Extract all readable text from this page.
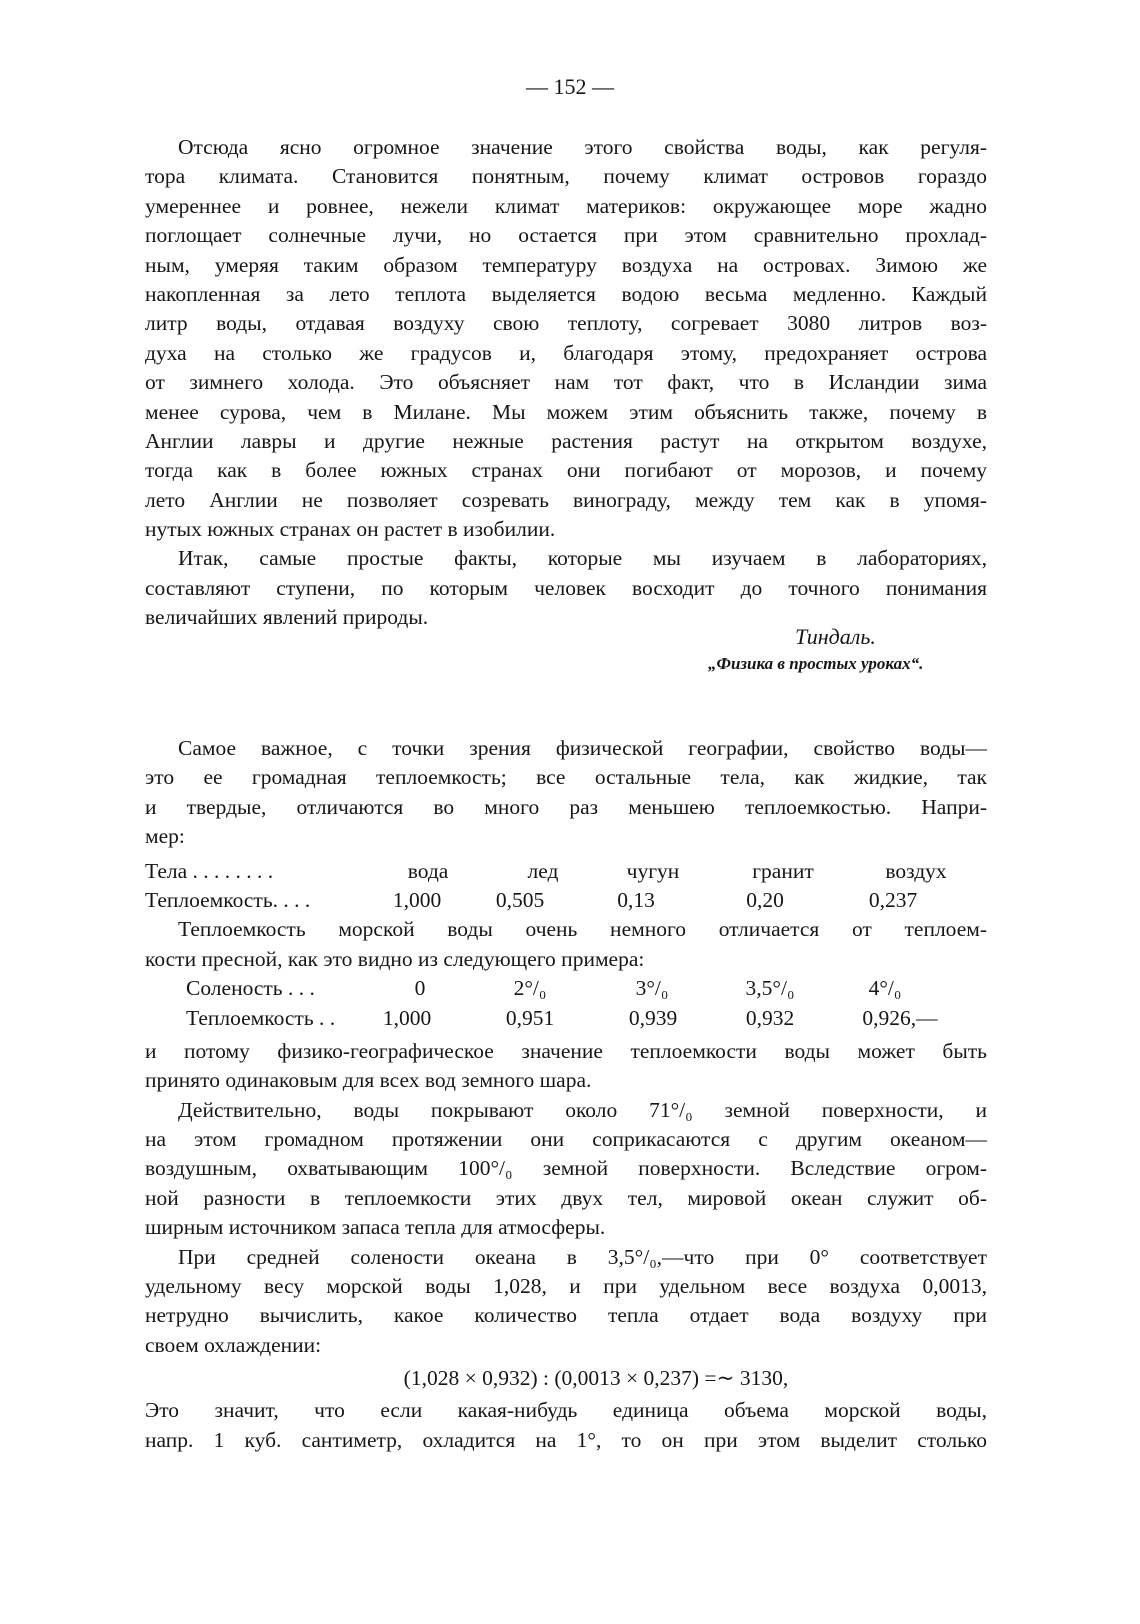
— 152 —
Отсюда ясно огромное значение этого свойства воды, как регуля-
тора климата. Становится понятным, почему климат островов гораздо
умереннее и ровнее, нежели климат материков: окружающее море жадно
поглощает солнечные лучи, но остается при этом сравнительно прохлад-
ным, умеряя таким образом температуру воздуха на островах. Зимою же
накопленная за лето теплота выделяется водою весьма медленно. Каждый
литр воды, отдавая воздуху свою теплоту, согревает 3080 литров воз-
духа на столько же градусов и, благодаря этому, предохраняет острова
от зимнего холода. Это объясняет нам тот факт, что в Исландии зима
менее сурова, чем в Милане. Мы можем этим объяснить также, почему в
Англии лавры и другие нежные растения растут на открытом воздухе,
тогда как в более южных странах они погибают от морозов, и почему
лето Англии не позволяет созревать винограду, между тем как в упомя-
нутых южных странах он растет в изобилии.
Итак, самые простые факты, которые мы изучаем в лабораториях,
составляют ступени, по которым человек восходит до точного понимания
величайших явлений природы.
Тиндаль.
„Физика в простых уроках“.
Самое важное, с точки зрения физической географии, свойство воды—
это ее громадная теплоемкость; все остальные тела, как жидкие, так
и твердые, отличаются во много раз меньшею теплоемкостью. Напри-
мер:
Тела . . . . . . . .	вода	лед	чугун	гранит	воздух
Теплоемкость. . . .	1,000	0,505	0,13	0,20	0,237
Теплоемкость морской воды очень немного отличается от теплоем-
кости пресной, как это видно из следующего примера:
Соленость . . .	0	2°/₀	3°/₀	3,5°/₀	4°/₀
Теплоемкость . . 1,000	0,951	0,939	0,932	0,926,—
и потому физико-географическое значение теплоемкости воды может быть
принято одинаковым для всех вод земного шара.
Действительно, воды покрывают около 71°/₀ земной поверхности, и
на этом громадном протяжении они соприкасаются с другим океаном—
воздушным, охватывающим 100°/₀ земной поверхности. Вследствие огром-
ной разности в теплоемкости этих двух тел, мировой океан служит об-
ширным источником запаса тепла для атмосферы.
При средней солености океана в 3,5°/₀,—что при 0° соответствует
удельному весу морской воды 1,028, и при удельном весе воздуха 0,0013,
нетрудно вычислить, какое количество тепла отдает вода воздуху при
своем охлаждении:
(1,028 × 0,932) : (0,0013 × 0,237) =∼ 3130,
Это значит, что если какая-нибудь единица объема морской воды,
напр. 1 куб. сантиметр, охладится на 1°, то он при этом выделит столько
